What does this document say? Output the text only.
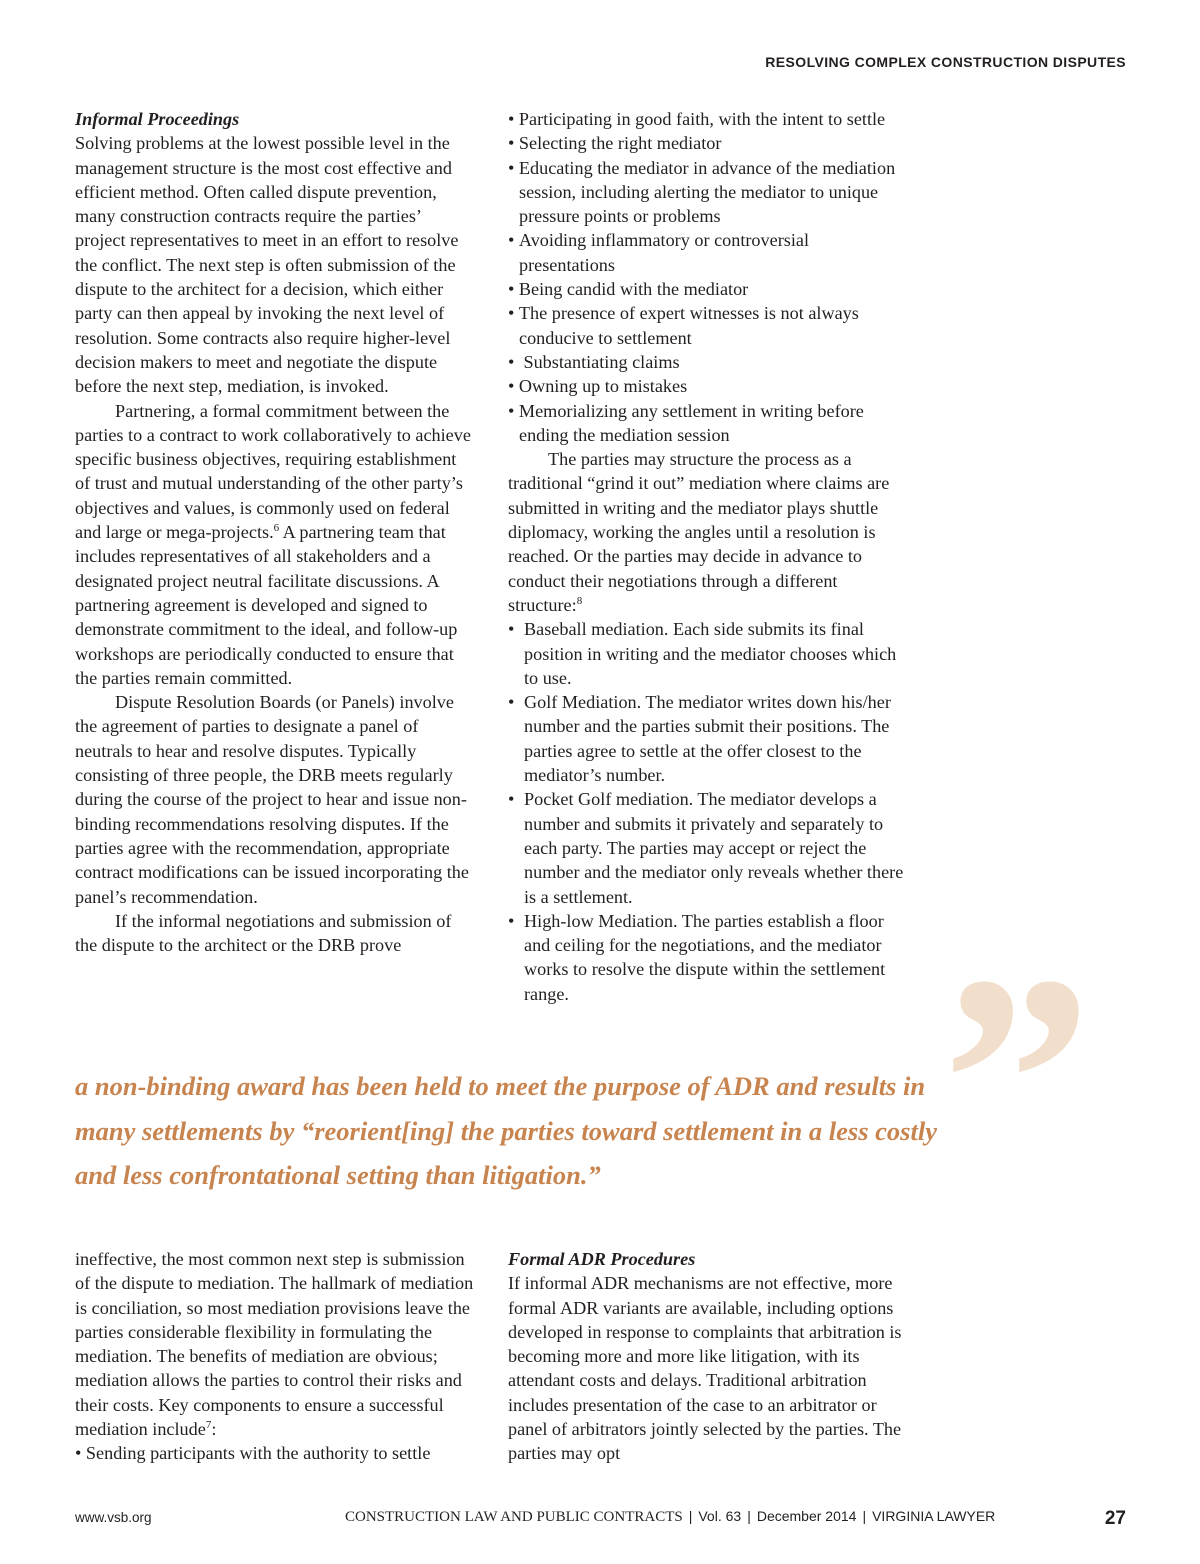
RESOLVING COMPLEX CONSTRUCTION DISPUTES
Informal Proceedings

Solving problems at the lowest possible level in the management structure is the most cost effective and efficient method. Often called dispute prevention, many construction contracts require the parties’ project representatives to meet in an effort to resolve the conflict. The next step is often submission of the dispute to the architect for a decision, which either party can then appeal by invoking the next level of resolution. Some contracts also require higher-level decision makers to meet and negotiate the dispute before the next step, mediation, is invoked.

Partnering, a formal commitment between the parties to a contract to work collaboratively to achieve specific business objectives, requiring establishment of trust and mutual understanding of the other party’s objectives and values, is commonly used on federal and large or mega-projects.$^6$ A partnering team that includes representatives of all stakeholders and a designated project neutral facilitate discussions. A partnering agreement is developed and signed to demonstrate commitment to the ideal, and follow-up workshops are periodically conducted to ensure that the parties remain committed.

Dispute Resolution Boards (or Panels) involve the agreement of parties to designate a panel of neutrals to hear and resolve disputes. Typically consisting of three people, the DRB meets regularly during the course of the project to hear and issue non-binding recommendations resolving disputes. If the parties agree with the recommendation, appropriate contract modifications can be issued incorporating the panel’s recommendation.

If the informal negotiations and submission of the dispute to the architect or the DRB prove

• Participating in good faith, with the intent to settle
• Selecting the right mediator
• Educating the mediator in advance of the mediation session, including alerting the mediator to unique pressure points or problems
• Avoiding inflammatory or controversial presentations
• Being candid with the mediator
• The presence of expert witnesses is not always conducive to settlement
•  Substantiating claims
• Owning up to mistakes
• Memorializing any settlement in writing before ending the mediation session

The parties may structure the process as a traditional “grind it out” mediation where claims are submitted in writing and the mediator plays shuttle diplomacy, working the angles until a resolution is reached. Or the parties may decide in advance to conduct their negotiations through a different structure:$^8$

• Baseball mediation. Each side submits its final position in writing and the mediator chooses which to use.
• Golf Mediation. The mediator writes down his/her number and the parties submit their positions. The parties agree to settle at the offer closest to the mediator’s number.
• Pocket Golf mediation. The mediator develops a number and submits it privately and separately to each party. The parties may accept or reject the number and the mediator only reveals whether there is a settlement.
• High-low Mediation. The parties establish a floor and ceiling for the negotiations, and the mediator works to resolve the dispute within the settlement range.	”

a non-binding award has been held to meet the purpose of ADR and results in many settlements by “reorient[ing] the parties toward settlement in a less costly and less confrontational setting than litigation.”

ineffective, the most common next step is submission of the dispute to mediation. The hallmark of mediation is conciliation, so most mediation provisions leave the parties considerable flexibility in formulating the mediation. The benefits of mediation are obvious; mediation allows the parties to control their risks and their costs. Key components to ensure a successful mediation include$^7$:

• Sending participants with the authority to settle
Formal ADR Procedures

If informal ADR mechanisms are not effective, more formal ADR variants are available, including options developed in response to complaints that arbitration is becoming more and more like litigation, with its attendant costs and delays. Traditional arbitration includes presentation of the case to an arbitrator or panel of arbitrators jointly selected by the parties. The parties may opt

www.vsb.org	CONSTRUCTION LAW AND PUBLIC CONTRACTS | Vol. 63 | December 2014 | VIRGINIA LAWYER	27
